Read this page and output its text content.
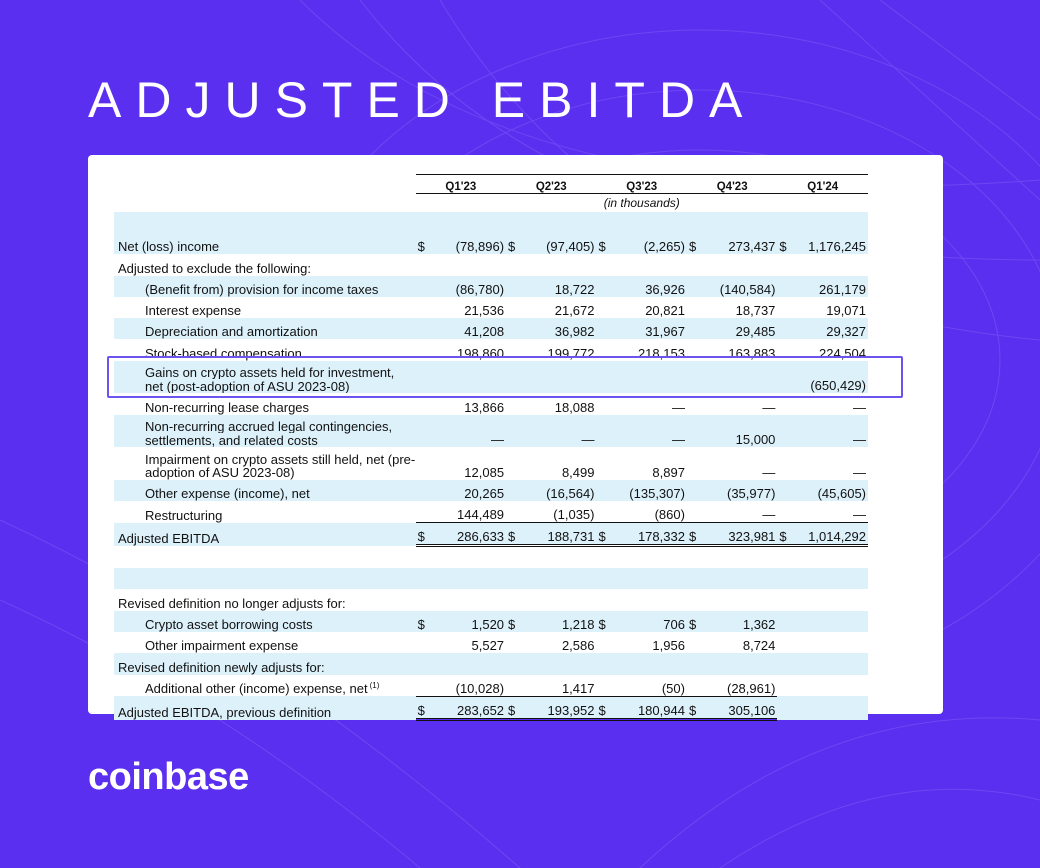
ADJUSTED EBITDA
	Q1'23		Q2'23		Q3'23		Q4'23		Q1'24	
					(in thousands)					

Net (loss) income	$	(78,896)	$	(97,405)	$	(2,265)	$	273,437	$	1,176,245
Adjusted to exclude the following:										
(Benefit from) provision for income taxes		(86,780)		18,722		36,926		(140,584)		261,179
Interest expense		21,536		21,672		20,821		18,737		19,071
Depreciation and amortization		41,208		36,982		31,967		29,485		29,327
Stock-based compensation		198,860		199,772		218,153		163,883		224,504
Gains on crypto assets held for investment, net (post-adoption of ASU 2023-08)										(650,429)
Non-recurring lease charges		13,866		18,088		—		—		—
Non-recurring accrued legal contingencies, settlements, and related costs		—		—		—		15,000		—
Impairment on crypto assets still held, net (pre-adoption of ASU 2023-08)		12,085		8,499		8,897		—		—
Other expense (income), net		20,265		(16,564)		(135,307)		(35,977)		(45,605)
Restructuring		144,489		(1,035)		(860)		—		—
Adjusted EBITDA	$	286,633	$	188,731	$	178,332	$	323,981	$	1,014,292

Revised definition no longer adjusts for:										
Crypto asset borrowing costs	$	1,520	$	1,218	$	706	$	1,362		
Other impairment expense		5,527		2,586		1,956		8,724		
Revised definition newly adjusts for:										
Additional other (income) expense, net $^{(1)}$		(10,028)		1,417		(50)		(28,961)		
Adjusted EBITDA, previous definition	$	283,652	$	193,952	$	180,944	$	305,106		
coinbase
